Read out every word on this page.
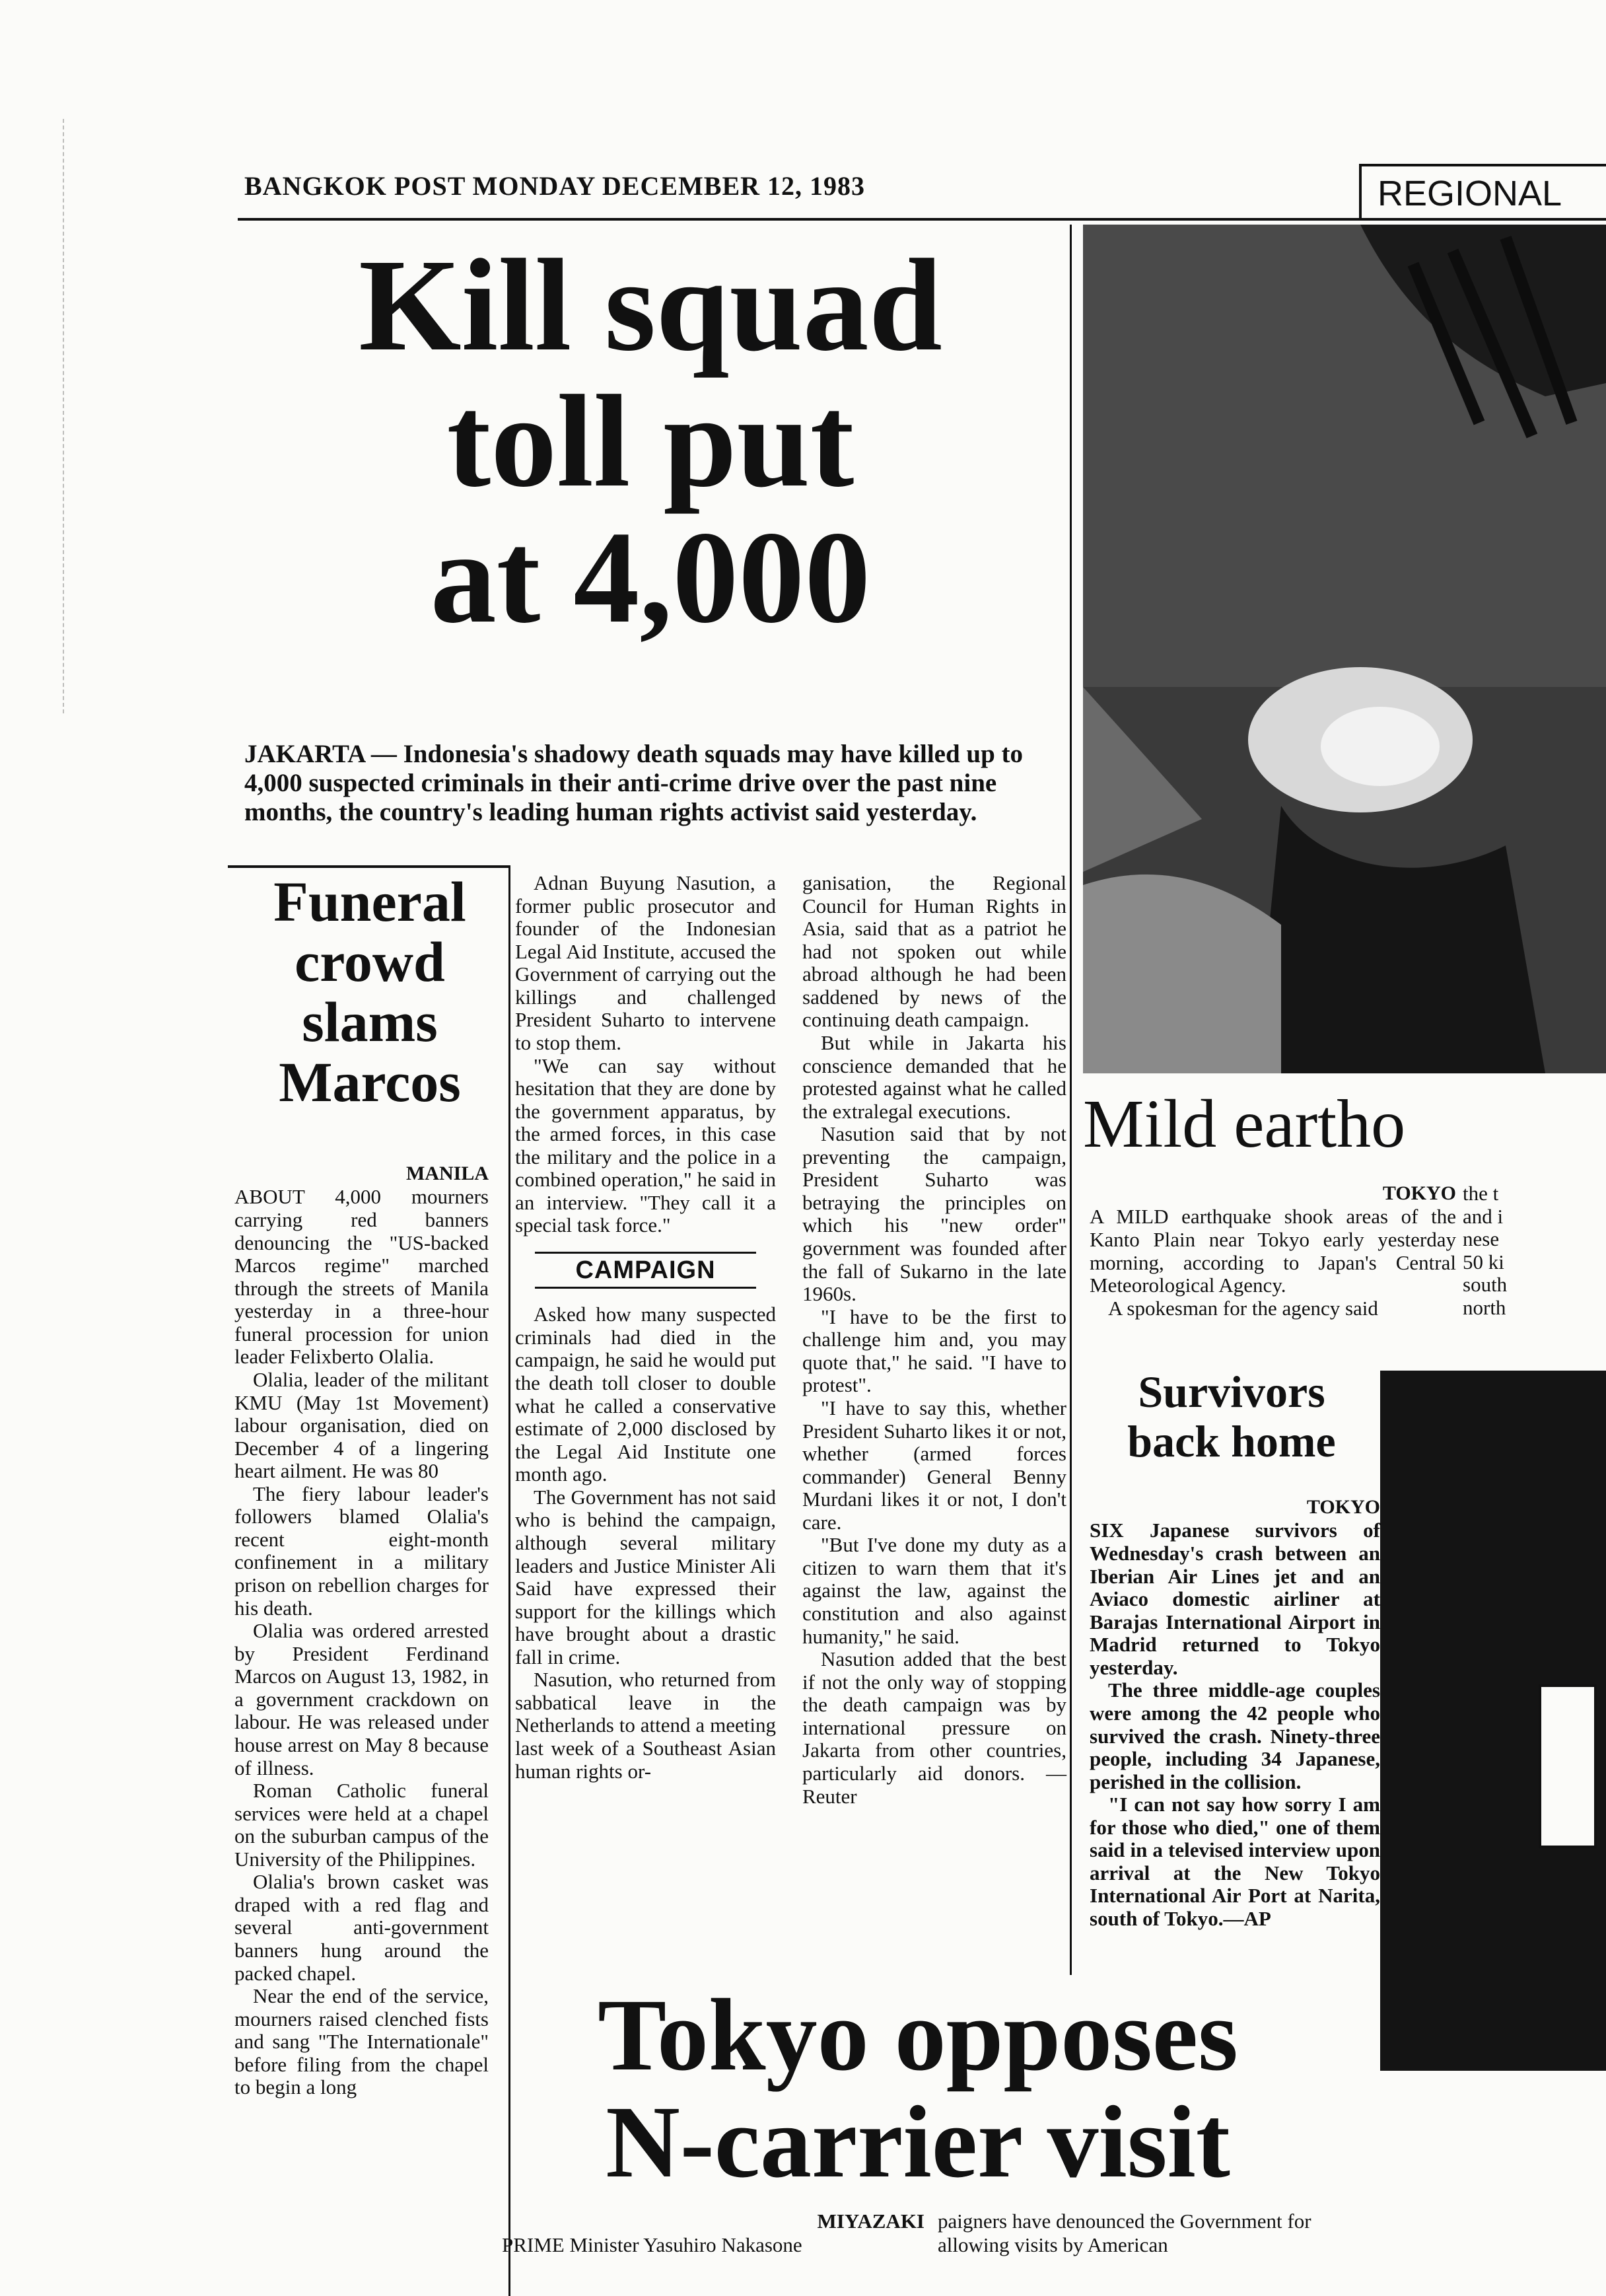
BANGKOK POST MONDAY DECEMBER 12, 1983	REGIONAL
Kill squad
toll put
at 4,000
JAKARTA — Indonesia's shadowy death squads may have killed up to 4,000 suspected criminals in their anti-crime drive over the past nine months, the country's leading human rights activist said yesterday.
Funeral
crowd
slams
Marcos
MANILA

ABOUT 4,000 mourners carrying red banners denouncing the "US-backed Marcos regime" marched through the streets of Manila yesterday in a three-hour funeral procession for union leader Felixberto Olalia.

Olalia, leader of the militant KMU (May 1st Movement) labour organisation, died on December 4 of a lingering heart ailment. He was 80

The fiery labour leader's followers blamed Olalia's recent eight-month confinement in a military prison on rebellion charges for his death.

Olalia was ordered arrested by President Ferdinand Marcos on August 13, 1982, in a government crackdown on labour. He was released under house arrest on May 8 because of illness.

Roman Catholic funeral services were held at a chapel on the suburban campus of the University of the Philippines.

Olalia's brown casket was draped with a red flag and several anti-government banners hung around the packed chapel.

Near the end of the service, mourners raised clenched fists and sang "The Internationale" before filing from the chapel to begin a long

Adnan Buyung Nasution, a former public prosecutor and founder of the Indonesian Legal Aid Institute, accused the Government of carrying out the killings and challenged President Suharto to intervene to stop them.

"We can say without hesitation that they are done by the government apparatus, by the armed forces, in this case the military and the police in a combined operation," he said in an interview. "They call it a special task force."

CAMPAIGN

Asked how many suspected criminals had died in the campaign, he said he would put the death toll closer to double what he called a conservative estimate of 2,000 disclosed by the Legal Aid Institute one month ago.

The Government has not said who is behind the campaign, although several military leaders and Justice Minister Ali Said have expressed their support for the killings which have brought about a drastic fall in crime.

Nasution, who returned from sabbatical leave in the Netherlands to attend a meeting last week of a Southeast Asian human rights or-

ganisation, the Regional Council for Human Rights in Asia, said that as a patriot he had not spoken out while abroad although he had been saddened by news of the continuing death campaign.

But while in Jakarta his conscience demanded that he protested against what he called the extralegal executions.

Nasution said that by not preventing the campaign, President Suharto was betraying the principles on which his "new order" government was founded after the fall of Sukarno in the late 1960s.

"I have to be the first to challenge him and, you may quote that," he said. "I have to protest".

"I have to say this, whether President Suharto likes it or not, whether (armed forces commander) General Benny Murdani likes it or not, I don't care.

"But I've done my duty as a citizen to warn them that it's against the law, against the constitution and also against humanity," he said.

Nasution added that the best if not the only way of stopping the death campaign was by international pressure on Jakarta from other countries, particularly aid donors. — Reuter

Mild eartho
TOKYO

A MILD earthquake shook areas of the Kanto Plain near Tokyo early yesterday morning, according to Japan's Central Meteorological Agency.

A spokesman for the agency said

the t
and i
nese
50 ki
south
north
Survivors
back home
TOKYO

SIX Japanese survivors of Wednesday's crash between an Iberian Air Lines jet and an Aviaco domestic airliner at Barajas International Airport in Madrid returned to Tokyo yesterday.

The three middle-age couples were among the 42 people who survived the crash. Ninety-three people, including 34 Japanese, perished in the collision.

"I can not say how sorry I am for those who died," one of them said in a televised interview upon arrival at the New Tokyo International Air Port at Narita, south of Tokyo.—AP

Tokyo opposes
N-carrier visit
MIYAZAKI
PRIME Minister Yasuhiro Nakasone
paigners have denounced the Government for allowing visits by American
